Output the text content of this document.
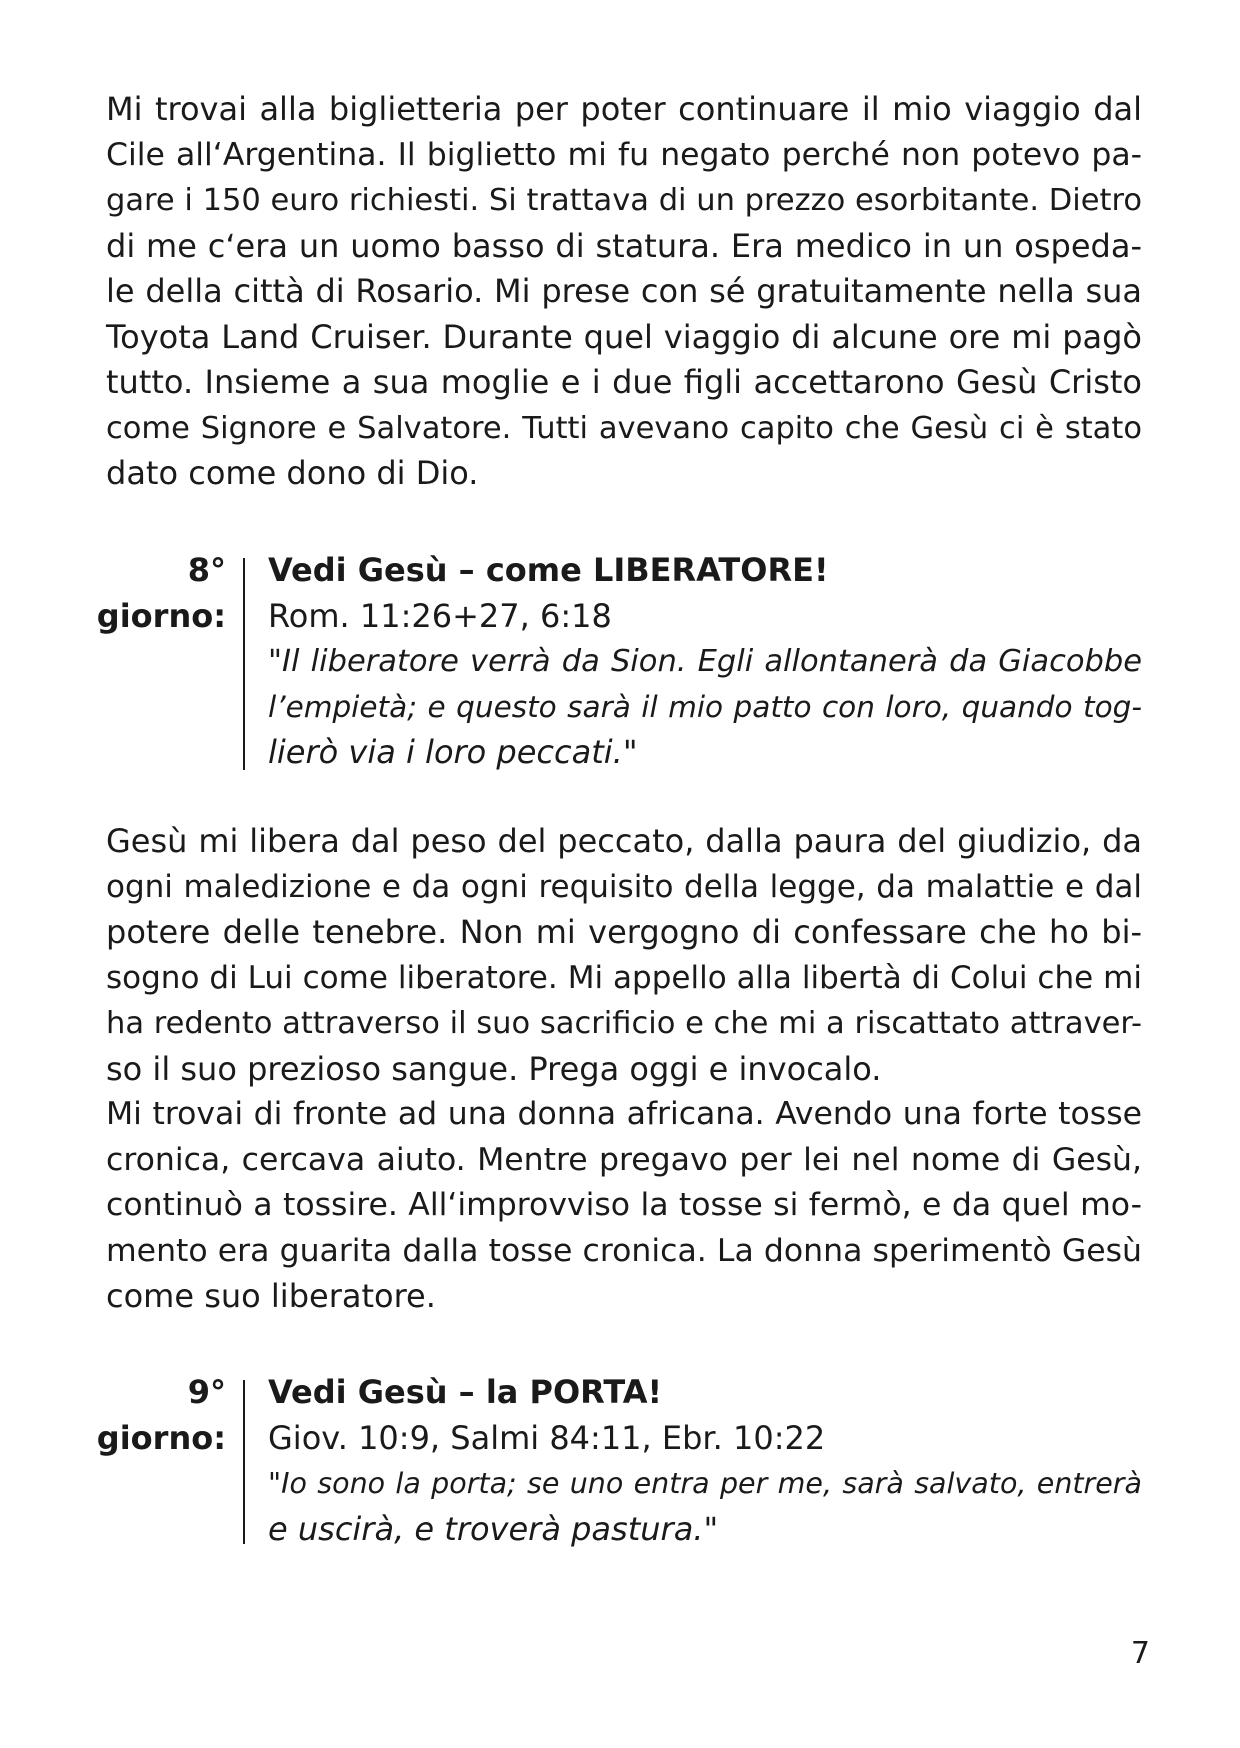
Mi trovai alla biglietteria per poter continuare il mio viaggio dal
Cile all‘Argentina. Il biglietto mi fu negato perché non potevo pa-
gare i 150 euro richiesti. Si trattava di un prezzo esorbitante. Dietro
di me c‘era un uomo basso di statura. Era medico in un ospeda-
le della città di Rosario. Mi prese con sé gratuitamente nella sua
Toyota Land Cruiser. Durante quel viaggio di alcune ore mi pagò
tutto. Insieme a sua moglie e i due figli accettarono Gesù Cristo
come Signore e Salvatore. Tutti avevano capito che Gesù ci è stato
dato come dono di Dio.

8°
giorno:
Vedi Gesù – come LIBERATORE!
Rom. 11:26+27, 6:18
"Il liberatore verrà da Sion. Egli allontanerà da Giacobbe
l’empietà; e questo sarà il mio patto con loro, quando tog-
lierò via i loro peccati."

Gesù mi libera dal peso del peccato, dalla paura del giudizio, da
ogni maledizione e da ogni requisito della legge, da malattie e dal
potere delle tenebre. Non mi vergogno di confessare che ho bi-
sogno di Lui come liberatore. Mi appello alla libertà di Colui che mi
ha redento attraverso il suo sacrificio e che mi a riscattato attraver-
so il suo prezioso sangue. Prega oggi e invocalo.

Mi trovai di fronte ad una donna africana. Avendo una forte tosse
cronica, cercava aiuto. Mentre pregavo per lei nel nome di Gesù,
continuò a tossire. All‘improvviso la tosse si fermò, e da quel mo-
mento era guarita dalla tosse cronica. La donna sperimentò Gesù
come suo liberatore.

9°
giorno:
Vedi Gesù – la PORTA!
Giov. 10:9, Salmi 84:11, Ebr. 10:22
"Io sono la porta; se uno entra per me, sarà salvato, entrerà
e uscirà, e troverà pastura."
7
